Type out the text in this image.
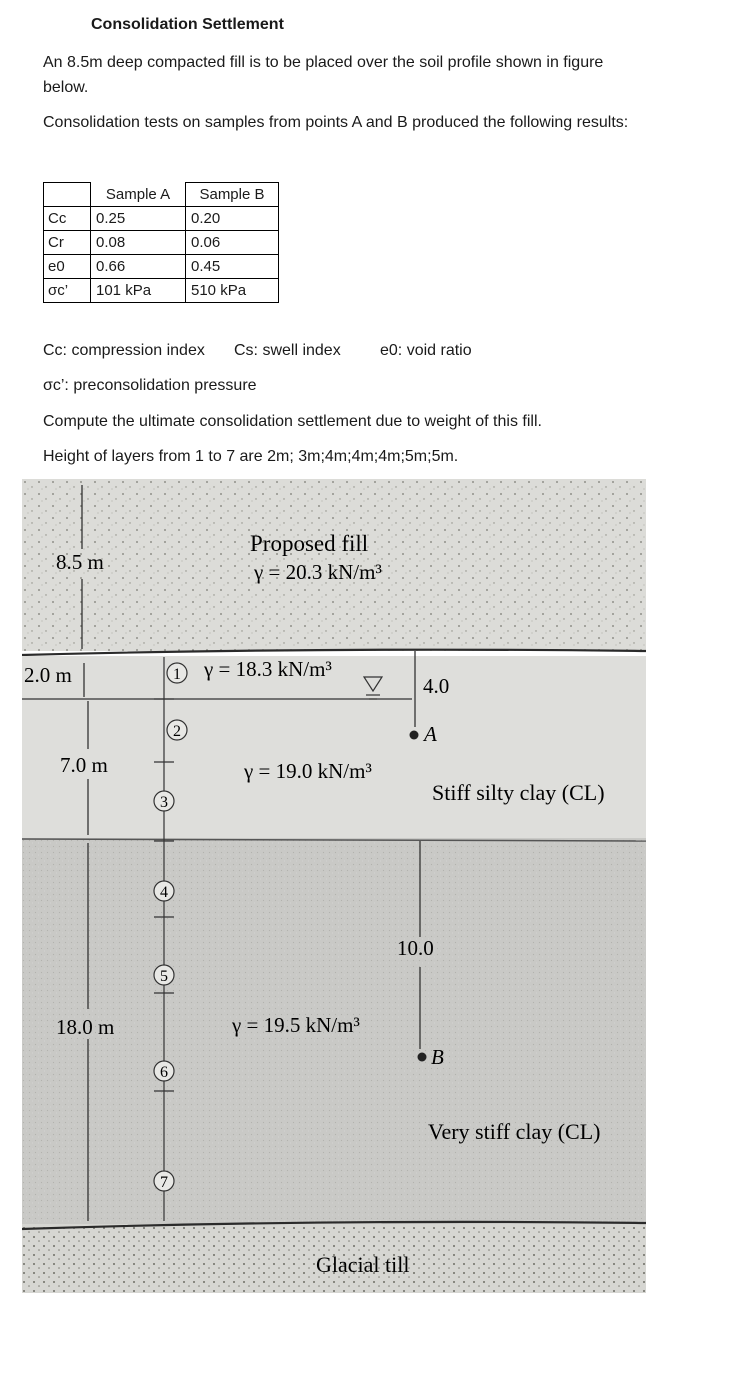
Consolidation Settlement
An 8.5m deep compacted fill is to be placed over the soil profile shown in figure
below.
Consolidation tests on samples from points A and B produced the following results:
	Sample A	Sample B
Cc	0.25	0.20
Cr	0.08	0.06
e0	0.66	0.45
σc’	101 kPa	510 kPa
Cc: compression index Cs: swell index e0: void ratio
σc’: preconsolidation pressure
Compute the ultimate consolidation settlement due to weight of this fill.
Height of layers from 1 to 7 are 2m; 3m;4m;4m;4m;5m;5m.
1
2
3
4
5
6
7
8.5 m
Proposed fill
γ = 20.3 kN/m³
2.0 m	γ = 18.3 kN/m³
4.0
A
7.0 m	γ = 19.0 kN/m³
Stiff silty clay (CL)
10.0
18.0 m	γ = 19.5 kN/m³
B
Very stiff clay (CL)
Glacial till
